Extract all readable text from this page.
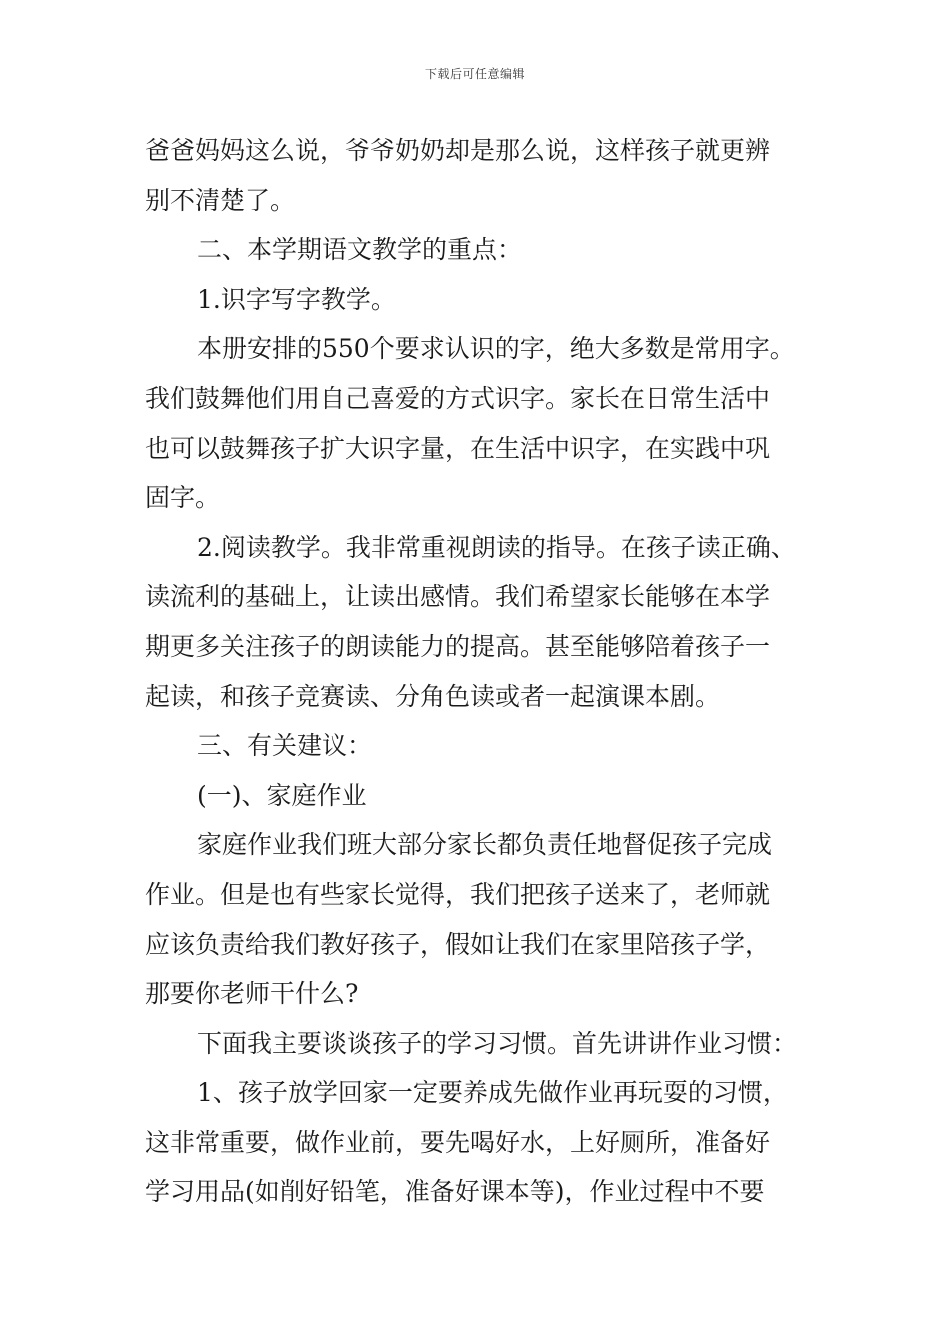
下载后可任意编辑

爸爸妈妈这么说，爷爷奶奶却是那么说，这样孩子就更辨

别不清楚了。

二、本学期语文教学的重点：

1.识字写字教学。

本册安排的550个要求认识的字，绝大多数是常用字。

我们鼓舞他们用自己喜爱的方式识字。家长在日常生活中

也可以鼓舞孩子扩大识字量，在生活中识字，在实践中巩

固字。

2.阅读教学。我非常重视朗读的指导。在孩子读正确、

读流利的基础上，让读出感情。我们希望家长能够在本学

期更多关注孩子的朗读能力的提高。甚至能够陪着孩子一

起读，和孩子竞赛读、分角色读或者一起演课本剧。

三、有关建议：

(一)、家庭作业

家庭作业我们班大部分家长都负责任地督促孩子完成

作业。但是也有些家长觉得，我们把孩子送来了，老师就

应该负责给我们教好孩子，假如让我们在家里陪孩子学，

那要你老师干什么?

下面我主要谈谈孩子的学习习惯。首先讲讲作业习惯：

1、孩子放学回家一定要养成先做作业再玩耍的习惯，

这非常重要，做作业前，要先喝好水，上好厕所，准备好

学习用品(如削好铅笔，准备好课本等)，作业过程中不要
